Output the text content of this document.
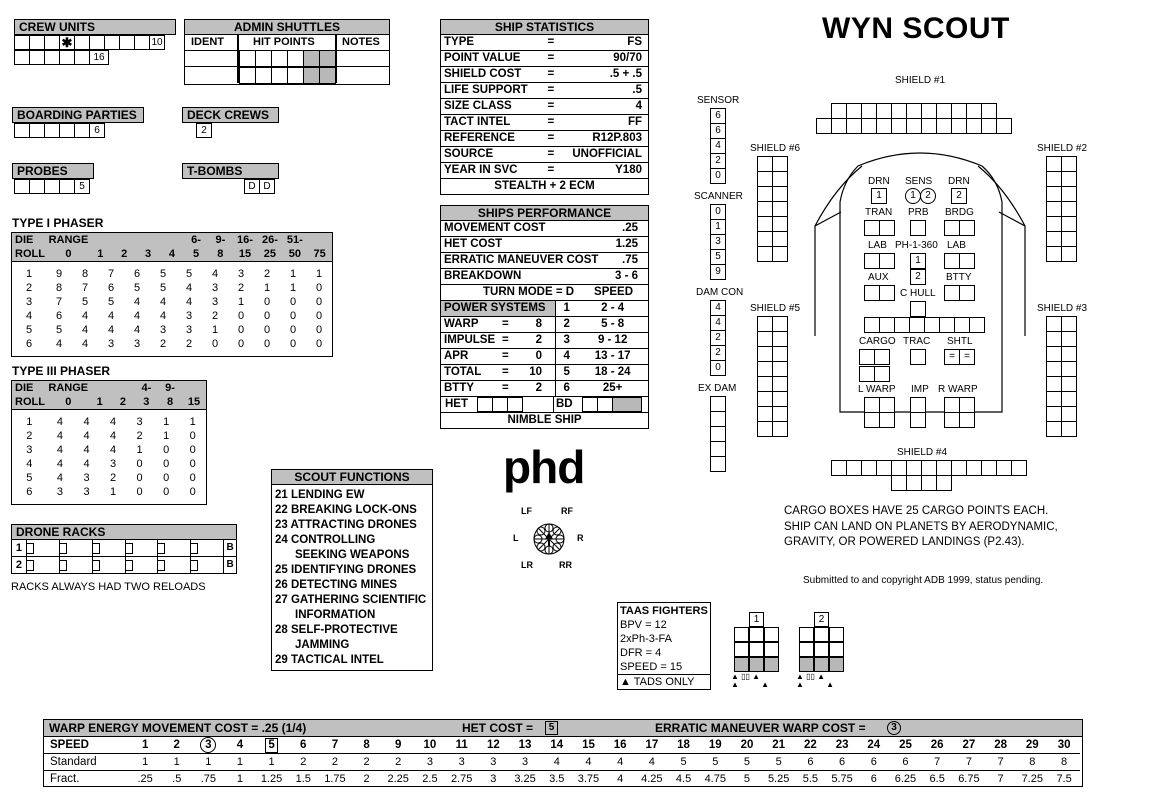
CREW UNITS
✱	10
16
ADMIN SHUTTLES
IDENT	HIT POINTS NOTES
BOARDING PARTIES
6
DECK CREWS
2
PROBES
5
T-BOMBS
D D
TYPE I PHASER
DIE	RANGE					6-	9-	16-	26-	51-	
ROLL	0	1	2	3	4	5	8	15	25	50	75
1	9	8	7	6	5	5	4	3	2	1	1
2	8	7	6	5	5	4	3	2	1	1	0
3	7	5	5	4	4	4	3	1	0	0	0
4	6	4	4	4	4	3	2	0	0	0	0
5	5	4	4	4	3	3	1	0	0	0	0
6	4	4	3	3	2	2	0	0	0	0	0
TYPE III PHASER
DIE	RANGE			4-	9-	
ROLL	0	1	2	3	8	15
1	4	4	4	3	1	1
2	4	4	4	2	1	0
3	4	4	4	1	0	0
4	4	4	3	0	0	0
5	4	3	2	0	0	0
6	3	3	1	0	0	0
DRONE RACKS
1	B
2	B
RACKS ALWAYS HAD TWO RELOADS
SHIP STATISTICS
TYPE	=	FS
POINT VALUE	=	90/70
SHIELD COST	=	.5 + .5
LIFE SUPPORT	=	.5
SIZE CLASS	=	4
TACT INTEL	=	FF
REFERENCE	=	R12P.803
SOURCE	=	UNOFFICIAL
YEAR IN SVC	=	Y180
STEALTH + 2 ECM
SHIPS PERFORMANCE
MOVEMENT COST	.25
HET COST	1.25
ERRATIC MANEUVER COST	.75
BREAKDOWN	3 - 6
TURN MODE = D SPEED
POWER SYSTEMS	1	2 - 4
WARP = 8	2	5 - 8
IMPULSE = 2	3	9 - 12
APR = 0	4	13 - 17
TOTAL = 10	5	18 - 24
BTTY = 2	6	25+
HET	BD
NIMBLE SHIP
SCOUT FUNCTIONS
21 LENDING EW
22 BREAKING LOCK-ONS
23 ATTRACTING DRONES
24 CONTROLLING
SEEKING WEAPONS
25 IDENTIFYING DRONES
26 DETECTING MINES
27 GATHERING SCIENTIFIC
INFORMATION
28 SELF-PROTECTIVE
JAMMING
29 TACTICAL INTEL
phd
LF	RF
L	R
LR	RR
TAAS FIGHTERS
BPV = 12
2xPh-3-FA
DFR = 4
SPEED = 15
▲ TADS ONLY
1
▲ ▯▯ ▲
▲          ▲
2
▲ ▯▯ ▲
▲          ▲
WYN SCOUT
SENSOR
6
6
4
2
0
SCANNER
0
1
3
5
9
DAM CON
4
4
2
2
0
EX DAM
SHIELD #1
SHIELD #4
SHIELD #6	SHIELD #2
SHIELD #5	SHIELD #3
DRN
1
SENS
1 2
DRN
2
TRAN PRB BRDG
LAB PH-1-360
1
2
LAB
AUX
C HULL
BTTY
CARGO TRAC SHTL
= =
L WARP IMP R WARP
CARGO BOXES HAVE 25 CARGO POINTS EACH.
SHIP CAN LAND ON PLANETS BY AERODYNAMIC,
GRAVITY, OR POWERED LANDINGS (P2.43).
Submitted to and copyright ADB 1999, status pending.
WARP ENERGY MOVEMENT COST = .25 (1/4)	HET COST =	5	ERRATIC MANEUVER WARP COST =	3
SPEED	1	2	3	4	5	6	7	8	9	10	11	12	13	14	15	16	17	18	19	20	21	22	23	24	25	26	27	28	29	30
Standard	1	1	1	1	1	2	2	2	2	3	3	3	3	4	4	4	4	5	5	5	5	6	6	6	6	7	7	7	8	8
Fract.	.25	.5	.75	1	1.25	1.5	1.75	2	2.25	2.5	2.75	3	3.25	3.5	3.75	4	4.25	4.5	4.75	5	5.25	5.5	5.75	6	6.25	6.5	6.75	7	7.25	7.5
